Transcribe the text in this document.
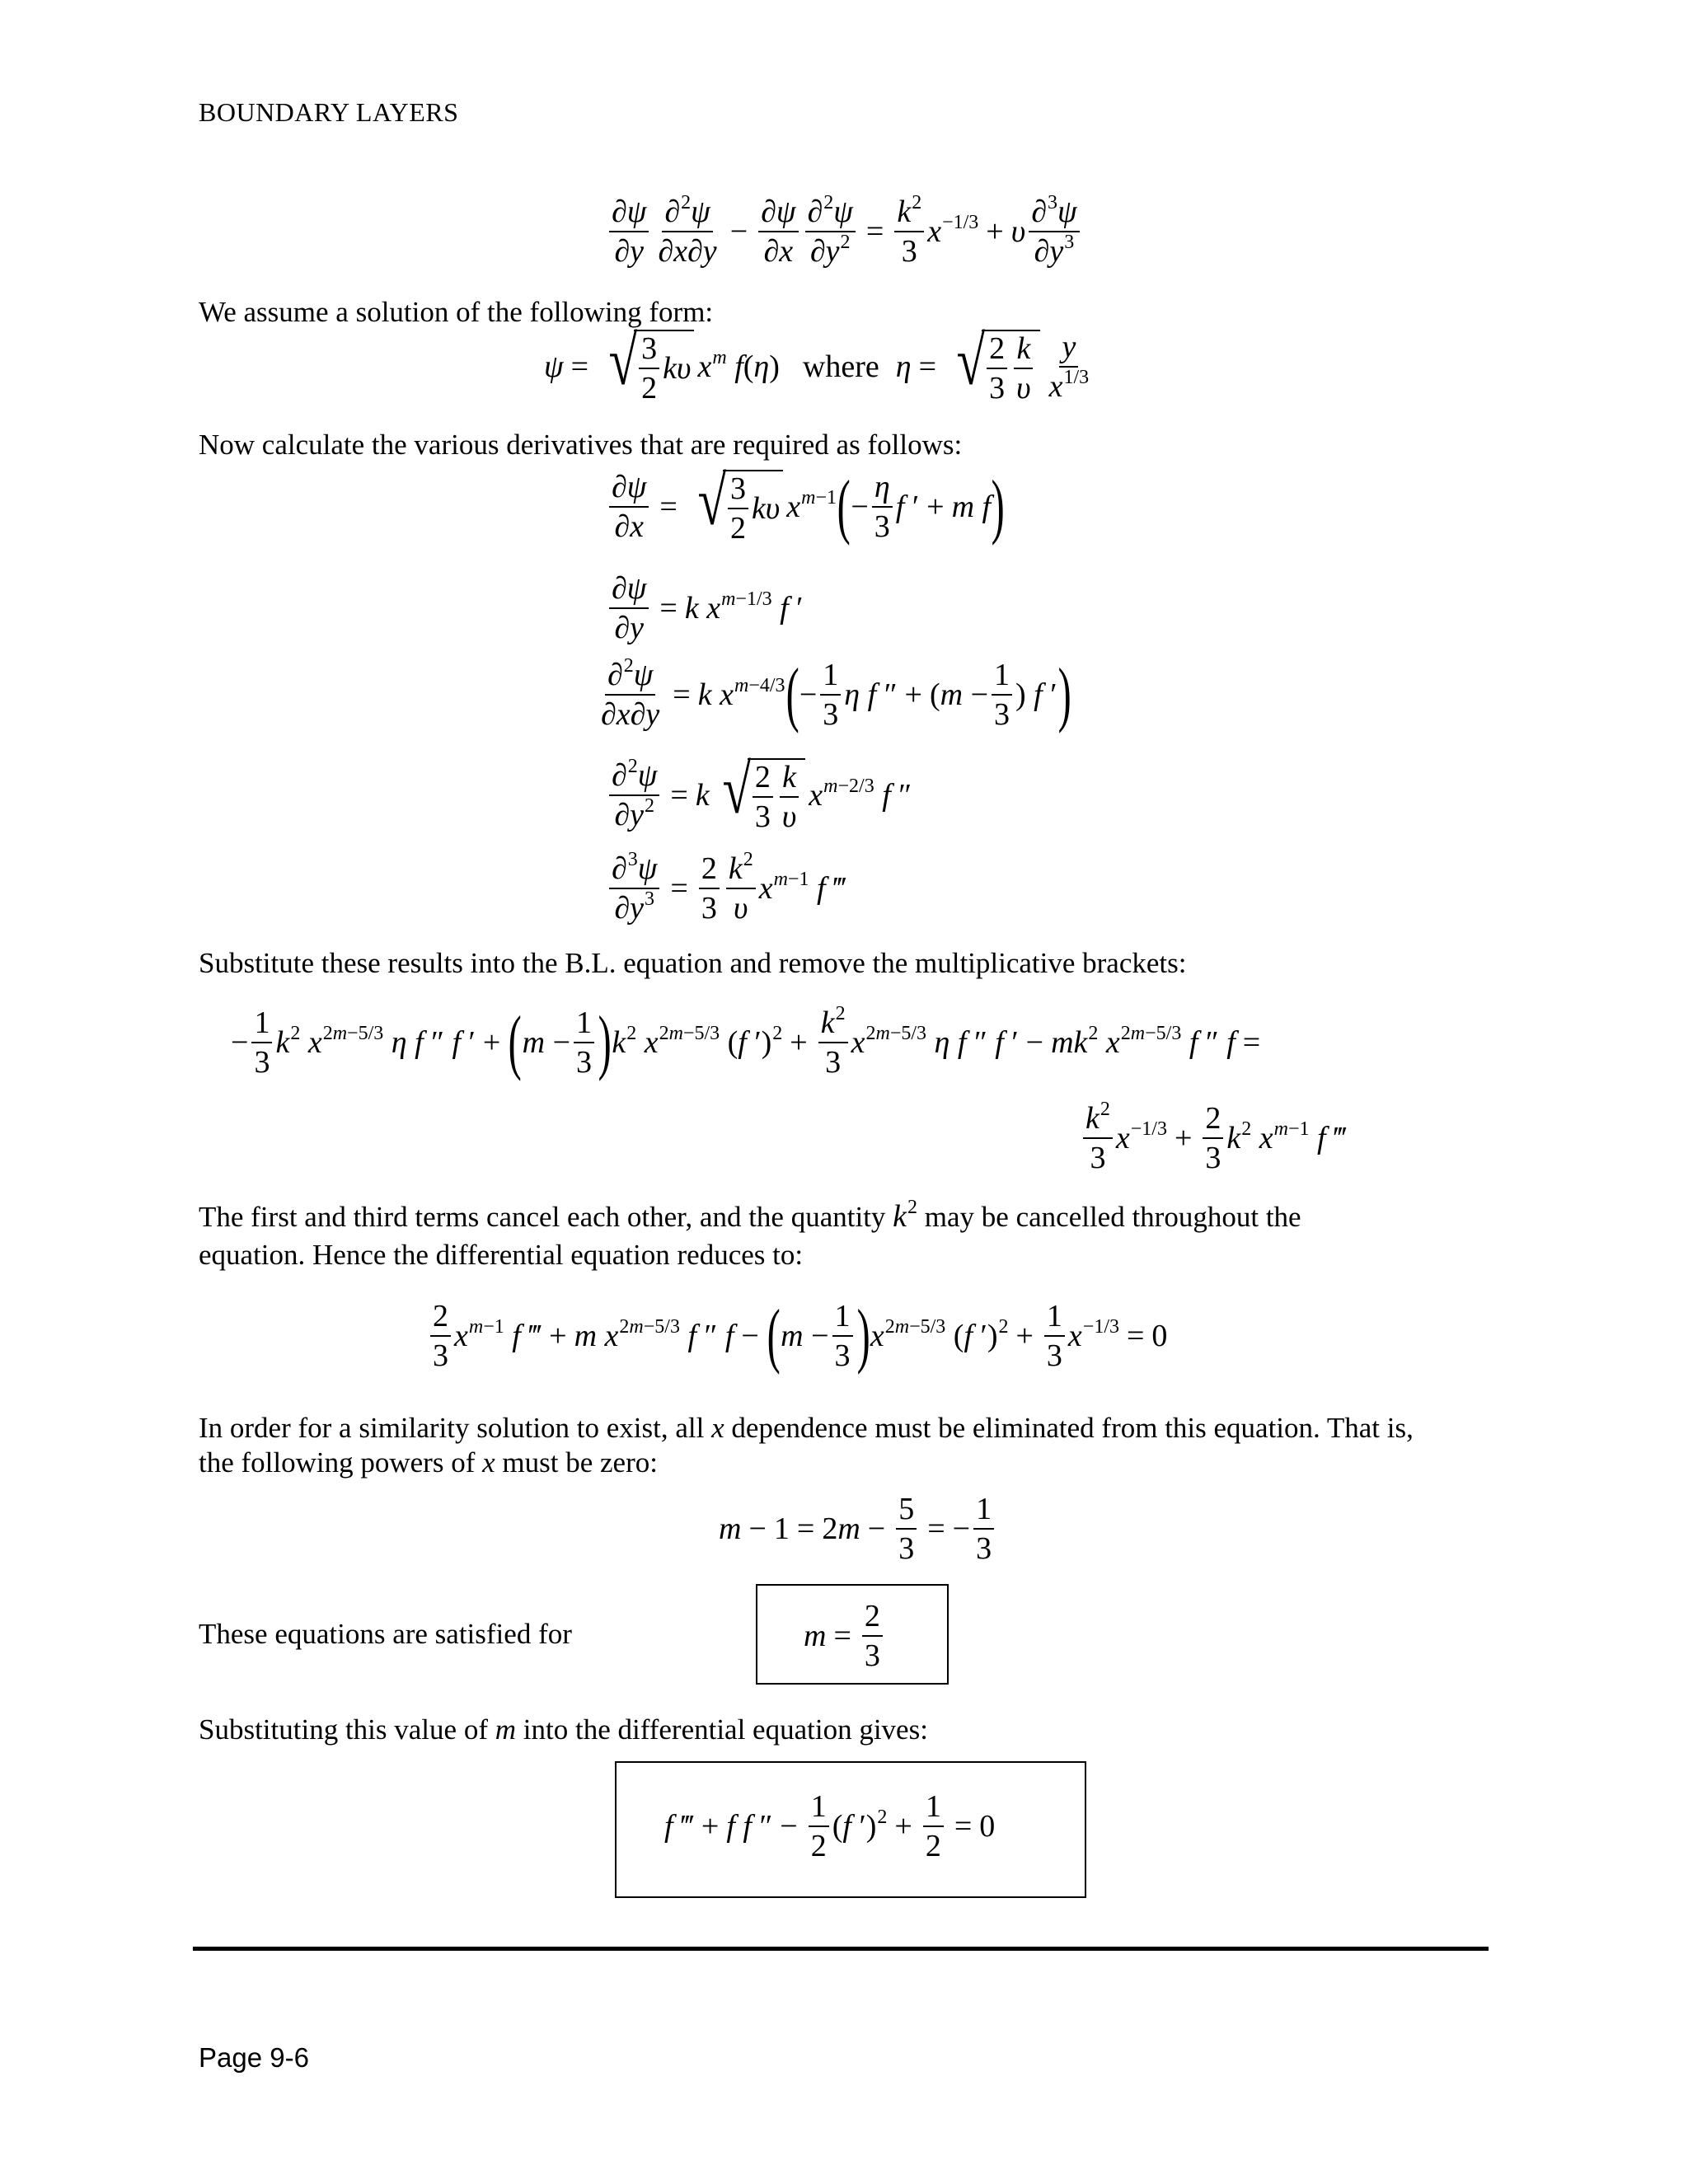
BOUNDARY LAYERS
∂ψ
∂y
∂$^2$ψ
∂x∂y
− $\frac{\partial\psi}{\partial x} \frac{\partial^2\psi}{\partial y^2} = \frac{k^2}{3} x^{-1/3} + \upsilon$
∂$^3$ψ
$\partial y^3$
We assume a solution of the following form:
ψ = √ 3
2
kυ $x^m$ f(η) where η = √ 2
3
k
υ
y
$x^{1/3}$
Now calculate the various derivatives that are required as follows:
$\frac{\partial\psi}{\partial x}$ = √ 3
2
kυ $x^{m-1}$ ( − $\frac{\eta}{3}$ f ′ + m f )
$\frac{\partial\psi}{\partial y} = k$ $x^{m-1/3}$ f ′
$\frac{\partial^2\psi}{\partial x\partial y} = k$ $x^{m-4/3}$ ( − $\frac{1}{3}$ η f ″ + ($m - \frac{1}{3}$ ) f ′ )
$\frac{\partial^2\psi}{\partial y^2} = k$ √ 2
3
k
υ
$x^{m-2/3}$ f ″
$\frac{\partial^3\psi}{\partial y^3} = \frac{2}{3} k^2$
υ
$x^{m-1}$ f ‴
Substitute these results into the B.L. equation and remove the multiplicative brackets:
− $\frac{1}{3} k^2$ $x^{2m-5/3}$ η f ″ f ′ + ( $m - \frac{1}{3}$ ) $k^2$ $x^{2m-5/3}$ (f $')^2 + \frac{k^2}{3} x^{2m-5/3}$ η f ″ f ′ − $mk^2$ $x^{2m-5/3}$ f ″ f =
$k^2$
3
$x^{-1/3} + \frac{2}{3} k^2$ $x^{m-1}$ f ‴
The first and third terms cancel each other, and the quantity $k^2$ may be cancelled throughout the
equation. Hence the differential equation reduces to:
2
3
$x^{m-1}$ f ‴ + m $x^{2m-5/3}$ f ″ f − ( $m - \frac{1}{3}$ ) $x^{2m-5/3}$ (f $')^2 + \frac{1}{3} x^{-1/3} = 0$
In order for a similarity solution to exist, all x dependence must be eliminated from this equation. That is,
the following powers of x must be zero:
$m - 1 = 2m - \frac{5}{3}$ = − $\frac{1}{3}$
These equations are satisfied for	$m = \frac{2}{3}$
Substituting this value of m into the differential equation gives:
f ‴ + f f ″ − $\frac{1}{2} (f$ $')^2 + \frac{1}{2} = 0$
Page 9-6
